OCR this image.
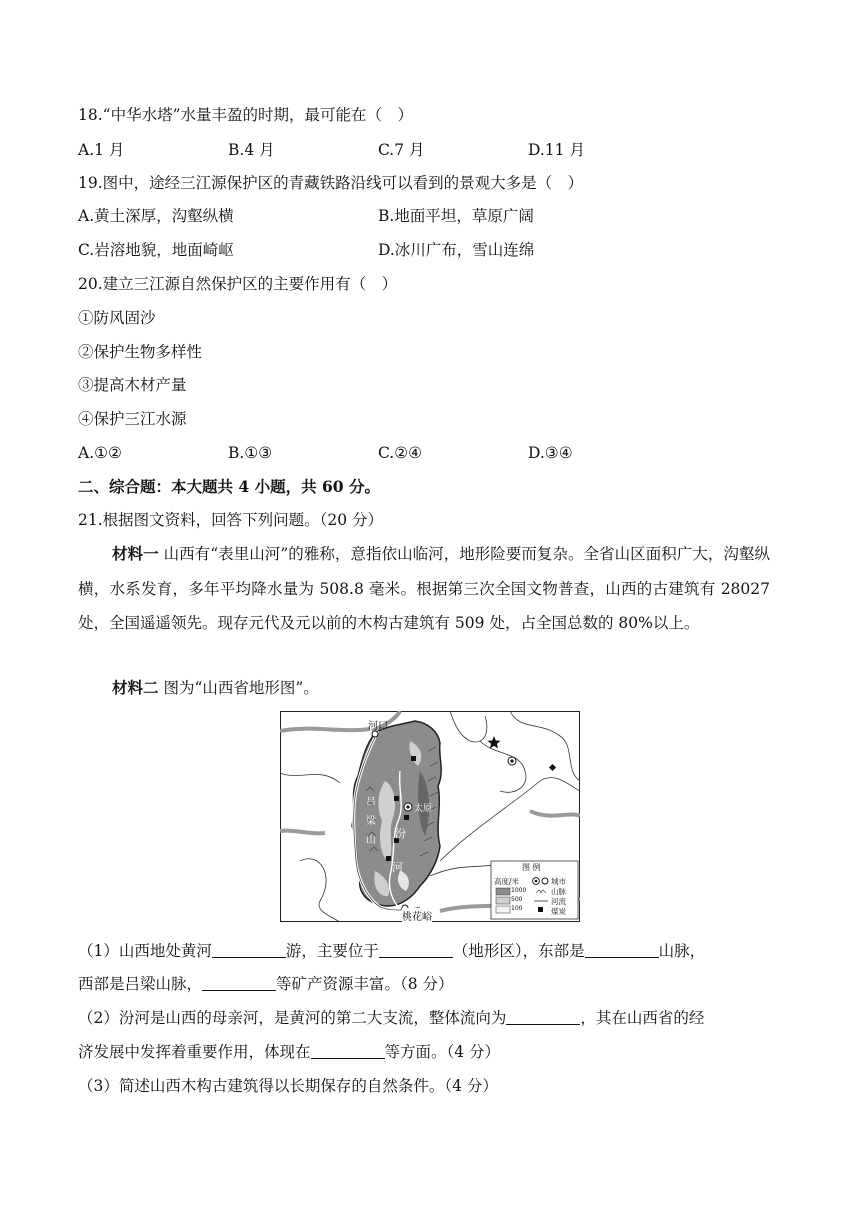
18.“中华水塔”水量丰盈的时期，最可能在（　）
A.1 月	B.4 月	C.7 月	D.11 月
19.图中，途经三江源保护区的青藏铁路沿线可以看到的景观大多是（　）
A.黄土深厚，沟壑纵横	B.地面平坦，草原广阔
C.岩溶地貌，地面崎岖	D.冰川广布，雪山连绵
20.建立三江源自然保护区的主要作用有（　）
①防风固沙
②保护生物多样性
③提高木材产量
④保护三江水源
A.①②	B.①③	C.②④	D.③④
二、综合题：本大题共 4 小题，共 60 分。
21.根据图文资料，回答下列问题。（20 分）
材料一 山西有“表里山河”的雅称，意指依山临河，地形险要而复杂。全省山区面积广大，沟壑纵横，水系发育，多年平均降水量为 508.8 毫米。根据第三次全国文物普查，山西的古建筑有 28027 处，全国遥遥领先。现存元代及元以前的木构古建筑有 509 处，占全国总数的 80%以上。
材料二 图为“山西省地形图”。
河口
太原
桃花峪
吕梁山
汾
河	图 例
高度/米
1000
500
100
城市
山脉
河流
煤炭
（1）山西地处黄河	游，主要位于	（地形区），东部是	山脉，
西部是吕梁山脉，	等矿产资源丰富。（8 分）
（2）汾河是山西的母亲河，是黄河的第二大支流，整体流向为	，其在山西省的经
济发展中发挥着重要作用，体现在	等方面。（4 分）
（3）简述山西木构古建筑得以长期保存的自然条件。（4 分）
